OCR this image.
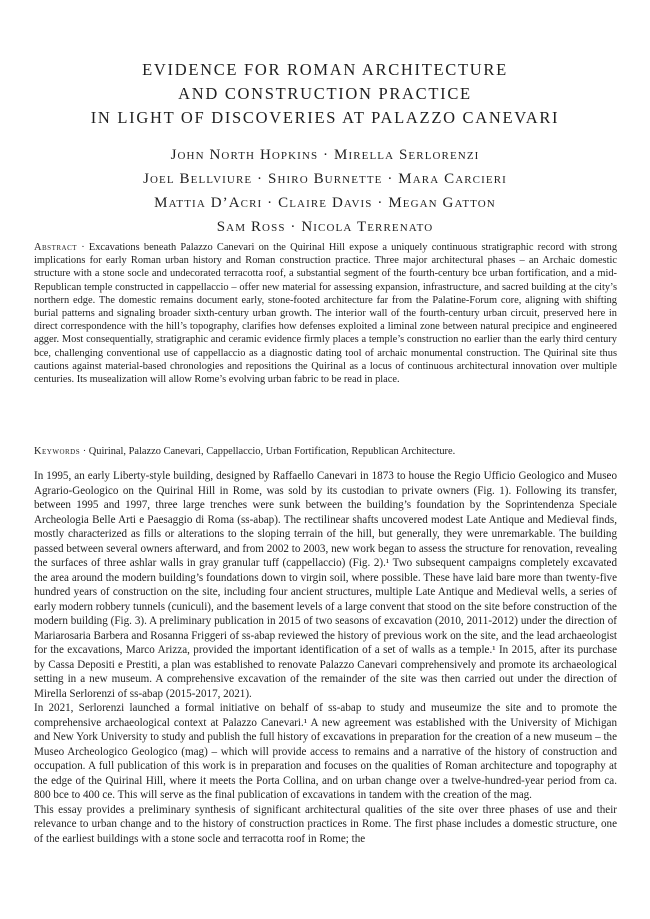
EVIDENCE FOR ROMAN ARCHITECTURE
AND CONSTRUCTION PRACTICE
IN LIGHT OF DISCOVERIES AT PALAZZO CANEVARI
John North Hopkins · Mirella Serlorenzi
Joel Bellviure · Shiro Burnette · Mara Carcieri
Mattia D’Acri · Claire Davis · Megan Gatton
Sam Ross · Nicola Terrenato
Abstract · Excavations beneath Palazzo Canevari on the Quirinal Hill expose a uniquely continuous stratigraphic record with strong implications for early Roman urban history and Roman construction practice. Three major architectural phases – an Archaic domestic structure with a stone socle and undecorated terracotta roof, a substantial segment of the fourth-century bce urban fortification, and a mid-Republican temple constructed in cappellaccio – offer new material for assessing expansion, infrastructure, and sacred building at the city’s northern edge. The domestic remains document early, stone-footed architecture far from the Palatine-Forum core, aligning with shifting burial patterns and signaling broader sixth-century urban growth. The interior wall of the fourth-century urban circuit, preserved here in direct correspondence with the hill’s topography, clarifies how defenses exploited a liminal zone between natural precipice and engineered agger. Most consequentially, stratigraphic and ceramic evidence firmly places a temple’s construction no earlier than the early third century bce, challenging conventional use of cappellaccio as a diagnostic dating tool of archaic monumental construction. The Quirinal site thus cautions against material-based chronologies and repositions the Quirinal as a locus of continuous architectural innovation over multiple centuries. Its musealization will allow Rome’s evolving urban fabric to be read in place.
Keywords · Quirinal, Palazzo Canevari, Cappellaccio, Urban Fortification, Republican Architecture.

In 1995, an early Liberty-style building, designed by Raffaello Canevari in 1873 to house the Regio Ufficio Geologico and Museo Agrario-Geologico on the Quirinal Hill in Rome, was sold by its custodian to private owners (Fig. 1). Following its transfer, between 1995 and 1997, three large trenches were sunk between the building’s foundation by the Soprintendenza Speciale Archeologia Belle Arti e Paesaggio di Roma (ss-abap). The rectilinear shafts uncovered modest Late Antique and Medieval finds, mostly characterized as fills or alterations to the sloping terrain of the hill, but generally, they were unremarkable. The building passed between several owners afterward, and from 2002 to 2003, new work began to assess the structure for renovation, revealing the surfaces of three ashlar walls in gray granular tuff (cappellaccio) (Fig. 2).¹ Two subsequent campaigns completely excavated the area around the modern building’s foundations down to virgin soil, where possible. These have laid bare more than twenty-five hundred years of construction on the site, including four ancient structures, multiple Late Antique and Medieval wells, a series of early modern robbery tunnels (cuniculi), and the basement levels of a large convent that stood on the site before construction of the modern building (Fig. 3). A preliminary publication in 2015 of two seasons of excavation (2010, 2011-2012) under the direction of Mariarosaria Barbera and Rosanna Friggeri of ss-abap reviewed the history of previous work on the site, and the lead archaeologist for the excavations, Marco Arizza, provided the important identification of a set of walls as a temple.¹ In 2015, after its purchase by Cassa Depositi e Prestiti, a plan was established to renovate Palazzo Canevari comprehensively and promote its archaeological setting in a new museum. A comprehensive excavation of the remainder of the site was then carried out under the direction of Mirella Serlorenzi of ss-abap (2015-2017, 2021).

In 2021, Serlorenzi launched a formal initiative on behalf of ss-abap to study and museumize the site and to promote the comprehensive archaeological context at Palazzo Canevari.¹ A new agreement was established with the University of Michigan and New York University to study and publish the full history of excavations in preparation for the creation of a new museum – the Museo Archeologico Geologico (mag) – which will provide access to remains and a narrative of the history of construction and occupation. A full publication of this work is in preparation and focuses on the qualities of Roman architecture and topography at the edge of the Quirinal Hill, where it meets the Porta Collina, and on urban change over a twelve-hundred-year period from ca. 800 bce to 400 ce. This will serve as the final publication of excavations in tandem with the creation of the mag.

This essay provides a preliminary synthesis of significant architectural qualities of the site over three phases of use and their relevance to urban change and to the history of construction practices in Rome. The first phase includes a domestic structure, one of the earliest buildings with a stone socle and terracotta roof in Rome; the
